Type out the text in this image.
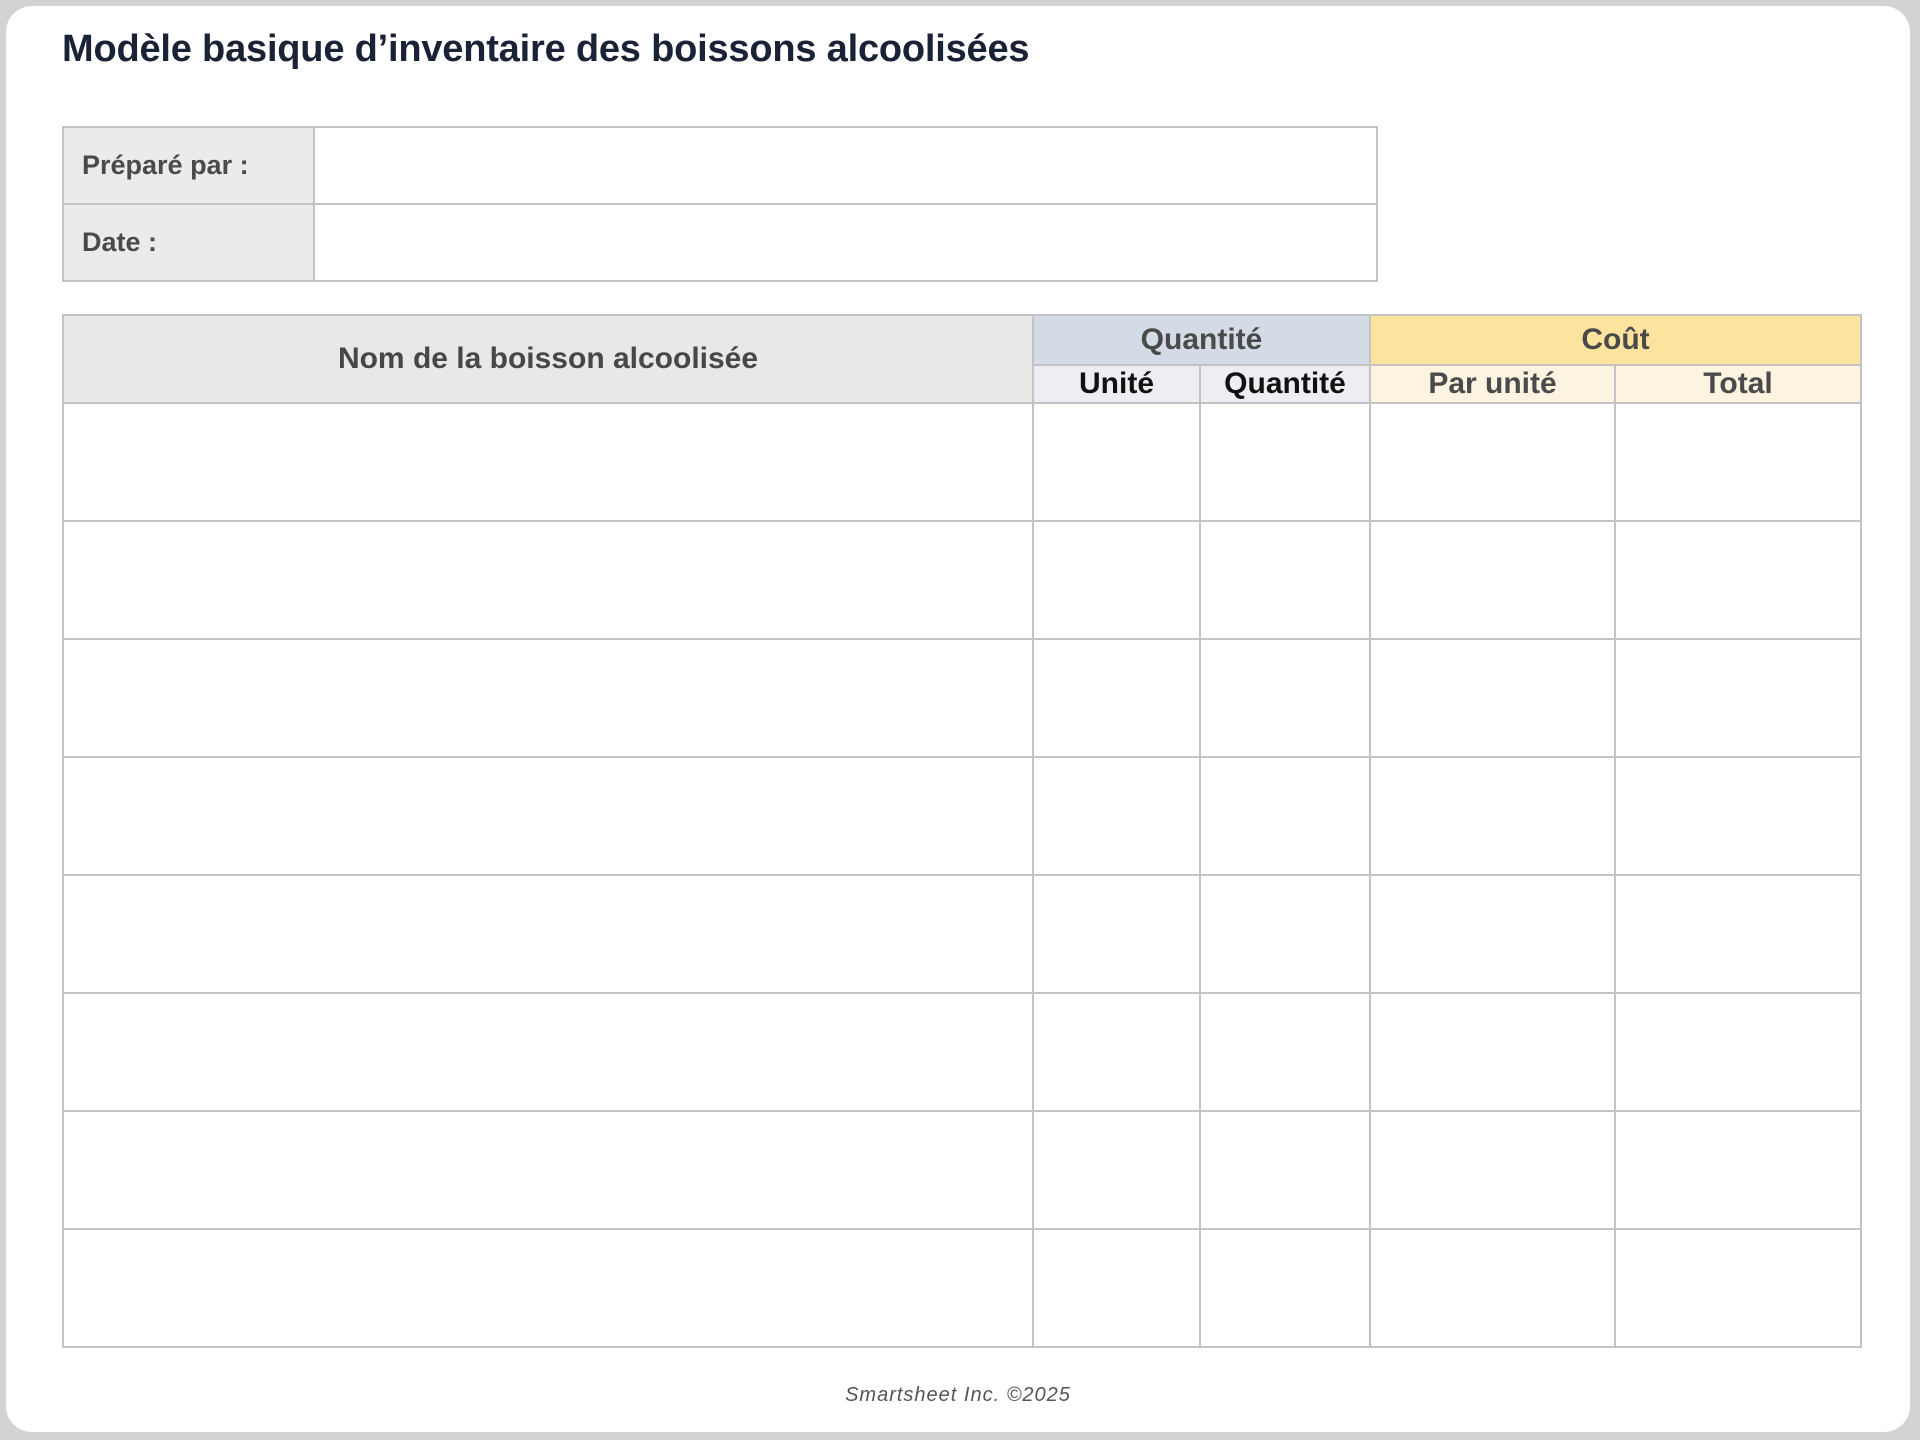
Modèle basique d’inventaire des boissons alcoolisées
Préparé par :	
Date :	
Nom de la boisson alcoolisée	Quantité		Coût	
	Unité	Quantité	Par unité	Total

Smartsheet Inc. ©2025
